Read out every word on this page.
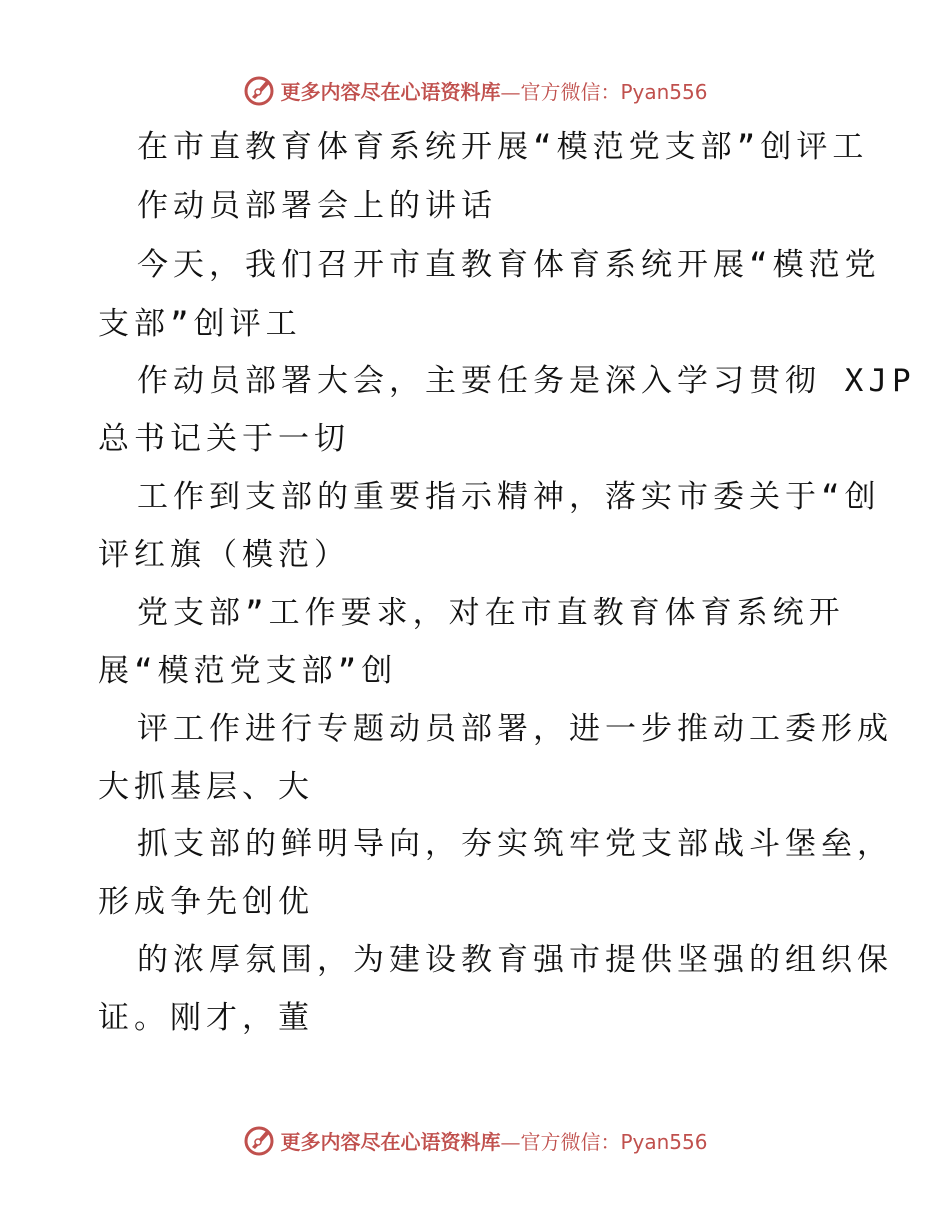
更多内容尽在心语资料库—官方微信：Pyan556
在市直教育体育系统开展“模范党支部”创评工
作动员部署会上的讲话
今天，我们召开市直教育体育系统开展“模范党
支部”创评工
作动员部署大会，主要任务是深入学习贯彻 XJP
总书记关于一切
工作到支部的重要指示精神，落实市委关于“创
评红旗（模范）
党支部”工作要求，对在市直教育体育系统开
展“模范党支部”创
评工作进行专题动员部署，进一步推动工委形成
大抓基层、大
抓支部的鲜明导向，夯实筑牢党支部战斗堡垒，
形成争先创优
的浓厚氛围，为建设教育强市提供坚强的组织保
证。刚才，董
更多内容尽在心语资料库—官方微信：Pyan556
